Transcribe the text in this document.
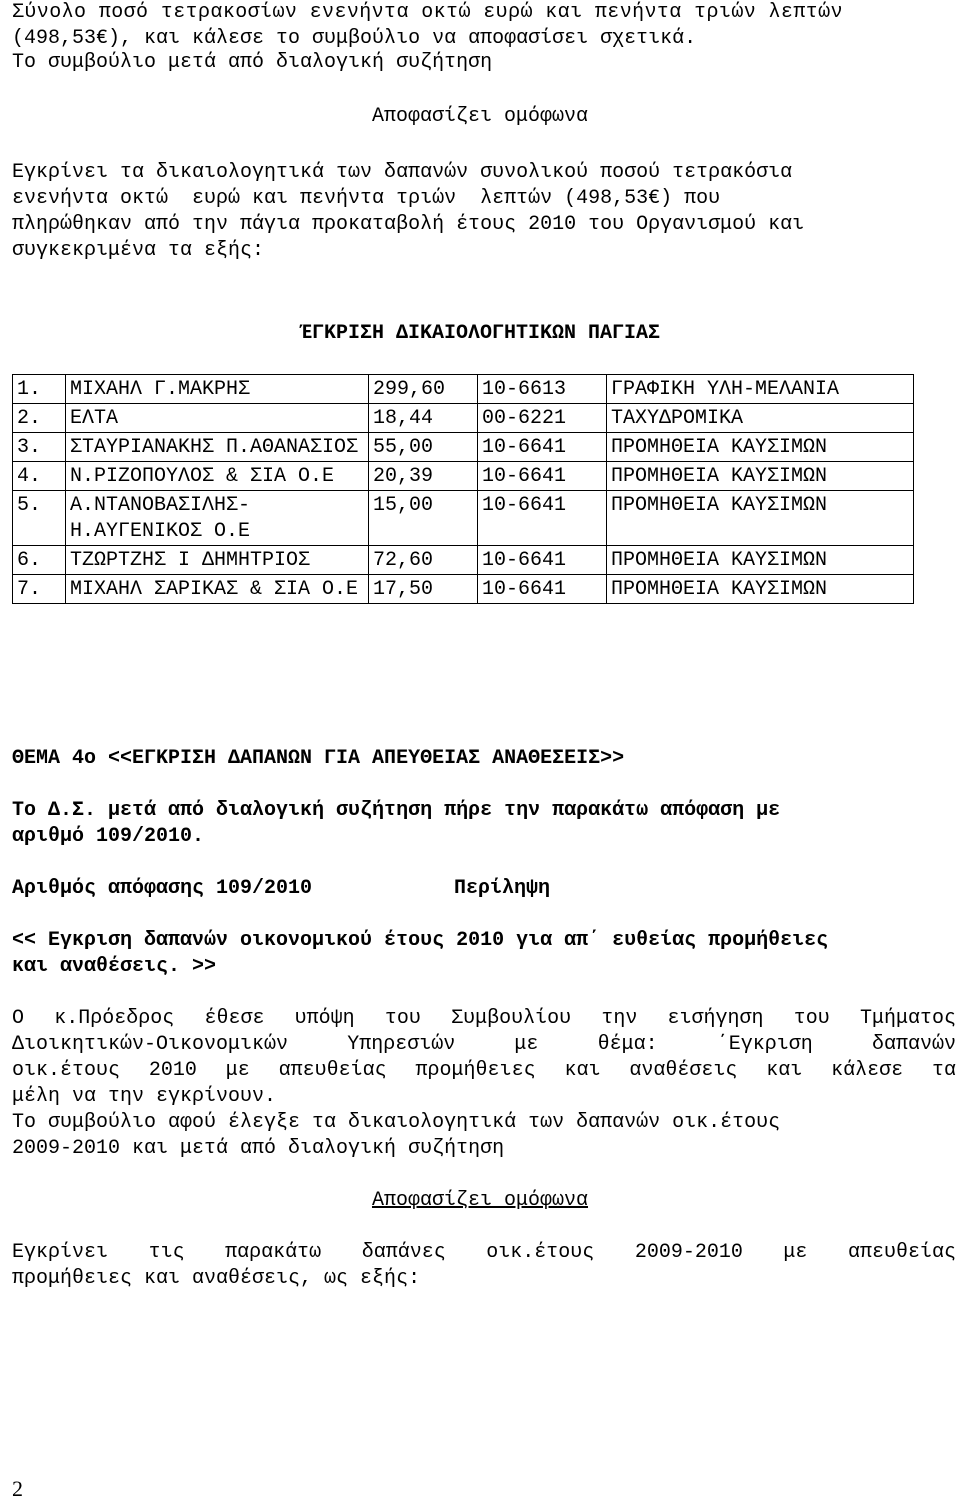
Σύνολο ποσό τετρακοσίων ενενήντα οκτώ ευρώ και πενήντα τριών λεπτών
(498,53€), και κάλεσε το συμβούλιο να αποφασίσει σχετικά.
Το συμβούλιο μετά από διαλογική συζήτηση
Αποφασίζει ομόφωνα
Εγκρίνει τα δικαιολογητικά των δαπανών συνολικού ποσού τετρακόσια
ενενήντα οκτώ  ευρώ και πενήντα τριών  λεπτών (498,53€) που
πληρώθηκαν από την πάγια προκαταβολή έτους 2010 του Οργανισμού και
συγκεκριμένα τα εξής:
ΈΓΚΡΙΣΗ ΔΙΚΑΙΟΛΟΓΗΤΙΚΩΝ ΠΑΓΙΑΣ
1.	ΜΙΧΑΗΛ Γ.ΜΑΚΡΗΣ	299,60	10-6613	ΓΡΑΦΙΚΗ ΥΛΗ-ΜΕΛΑΝΙΑ
2.	ΕΛΤΑ	18,44	00-6221	ΤΑΧΥΔΡΟΜΙΚΑ
3.	ΣΤΑΥΡΙΑΝΑΚΗΣ Π.ΑΘΑΝΑΣΙΟΣ	55,00	10-6641	ΠΡΟΜΗΘΕΙΑ ΚΑΥΣΙΜΩΝ
4.	Ν.ΡΙΖΟΠΟΥΛΟΣ & ΣΙΑ Ο.Ε	20,39	10-6641	ΠΡΟΜΗΘΕΙΑ ΚΑΥΣΙΜΩΝ
5.	Α.ΝΤΑΝΟΒΑΣΙΛΗΣ- Η.ΑΥΓΕΝΙΚΟΣ Ο.Ε	15,00	10-6641	ΠΡΟΜΗΘΕΙΑ ΚΑΥΣΙΜΩΝ
6.	ΤΖΩΡΤΖΗΣ Ι ΔΗΜΗΤΡΙΟΣ	72,60	10-6641	ΠΡΟΜΗΘΕΙΑ ΚΑΥΣΙΜΩΝ
7.	ΜΙΧΑΗΛ ΣΑΡΙΚΑΣ & ΣΙΑ Ο.Ε	17,50	10-6641	ΠΡΟΜΗΘΕΙΑ ΚΑΥΣΙΜΩΝ
ΘΕΜΑ 4ο <<ΕΓΚΡΙΣΗ ΔΑΠΑΝΩΝ ΓΙΑ ΑΠΕΥΘΕΙΑΣ ΑΝΑΘΕΣΕΙΣ>>
Το Δ.Σ. μετά από διαλογική συζήτηση πήρε την παρακάτω απόφαση με
αριθμό 109/2010.
Αριθμός απόφασης 109/2010	Περίληψη
<< Εγκριση δαπανών οικονομικού έτους 2010 για απ΄ ευθείας προμήθειες
και αναθέσεις. >>
Ο κ.Πρόεδρος έθεσε υπόψη του Συμβουλίου την εισήγηση του Τμήματος
Διοικητικών-Οικονομικών Υπηρεσιών με θέμα: ΄Εγκριση δαπανών
οικ.έτους 2010 με απευθείας προμήθειες και αναθέσεις και κάλεσε τα
μέλη να την εγκρίνουν.
Το συμβούλιο αφού έλεγξε τα δικαιολογητικά των δαπανών οικ.έτους
2009-2010 και μετά από διαλογική συζήτηση
Αποφασίζει ομόφωνα
Εγκρίνει τις παρακάτω δαπάνες οικ.έτους 2009-2010 με απευθείας
προμήθειες και αναθέσεις, ως εξής:
2
